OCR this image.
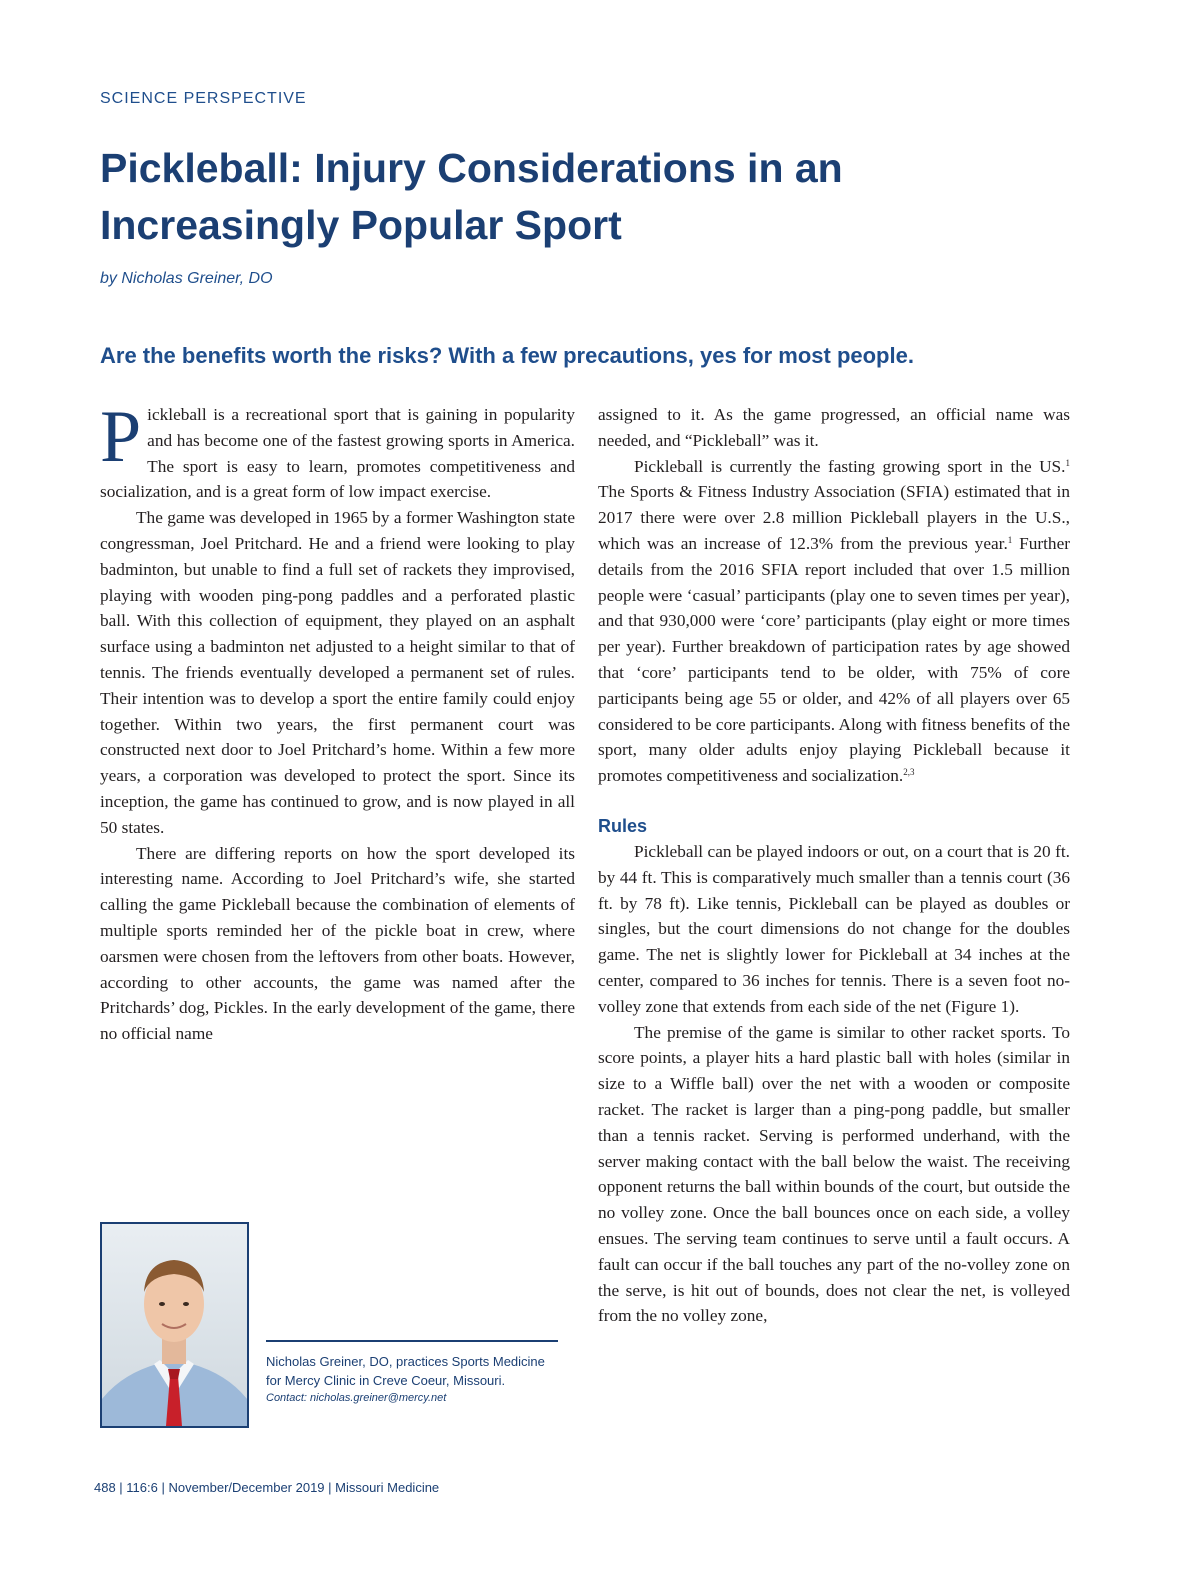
SCIENCE PERSPECTIVE
Pickleball: Injury Considerations in an Increasingly Popular Sport
by Nicholas Greiner, DO
Are the benefits worth the risks? With a few precautions, yes for most people.

Pickleball is a recreational sport that is gaining in popularity and has become one of the fastest growing sports in America. The sport is easy to learn, promotes competitiveness and socialization, and is a great form of low impact exercise.

The game was developed in 1965 by a former Washington state congressman, Joel Pritchard. He and a friend were looking to play badminton, but unable to find a full set of rackets they improvised, playing with wooden ping-pong paddles and a perforated plastic ball. With this collection of equipment, they played on an asphalt surface using a badminton net adjusted to a height similar to that of tennis. The friends eventually developed a permanent set of rules. Their intention was to develop a sport the entire family could enjoy together. Within two years, the first permanent court was constructed next door to Joel Pritchard’s home. Within a few more years, a corporation was developed to protect the sport. Since its inception, the game has continued to grow, and is now played in all 50 states.

There are differing reports on how the sport developed its interesting name. According to Joel Pritchard’s wife, she started calling the game Pickleball because the combination of elements of multiple sports reminded her of the pickle boat in crew, where oarsmen were chosen from the leftovers from other boats. However, according to other accounts, the game was named after the Pritchards’ dog, Pickles. In the early development of the game, there no official name

assigned to it. As the game progressed, an official name was needed, and “Pickleball” was it.

Pickleball is currently the fasting growing sport in the US.$^1$ The Sports & Fitness Industry Association (SFIA) estimated that in 2017 there were over 2.8 million Pickleball players in the U.S., which was an increase of 12.3% from the previous year.$^1$ Further details from the 2016 SFIA report included that over 1.5 million people were ‘casual’ participants (play one to seven times per year), and that 930,000 were ‘core’ participants (play eight or more times per year). Further breakdown of participation rates by age showed that ‘core’ participants tend to be older, with 75% of core participants being age 55 or older, and 42% of all players over 65 considered to be core participants. Along with fitness benefits of the sport, many older adults enjoy playing Pickleball because it promotes competitiveness and socialization.$^{2,3}$

Rules

Pickleball can be played indoors or out, on a court that is 20 ft. by 44 ft. This is comparatively much smaller than a tennis court (36 ft. by 78 ft). Like tennis, Pickleball can be played as doubles or singles, but the court dimensions do not change for the doubles game. The net is slightly lower for Pickleball at 34 inches at the center, compared to 36 inches for tennis. There is a seven foot no-volley zone that extends from each side of the net (Figure 1).

The premise of the game is similar to other racket sports. To score points, a player hits a hard plastic ball with holes (similar in size to a Wiffle ball) over the net with a wooden or composite racket. The racket is larger than a ping-pong paddle, but smaller than a tennis racket. Serving is performed underhand, with the server making contact with the ball below the waist. The receiving opponent returns the ball within bounds of the court, but outside the no volley zone. Once the ball bounces once on each side, a volley ensues. The serving team continues to serve until a fault occurs. A fault can occur if the ball touches any part of the no-volley zone on the serve, is hit out of bounds, does not clear the net, is volleyed from the no volley zone,

Nicholas Greiner, DO, practices Sports Medicine for Mercy Clinic in Creve Coeur, Missouri.

Contact: nicholas.greiner@mercy.net

488 | 116:6 | November/December 2019 | Missouri Medicine
